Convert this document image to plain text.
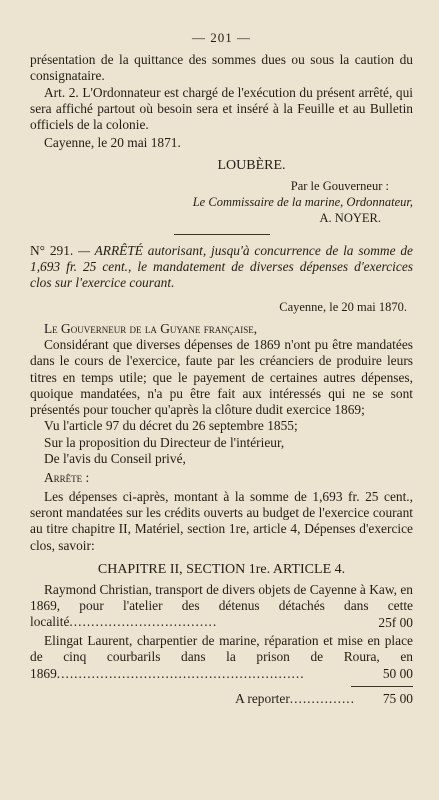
— 201 —

présentation de la quittance des sommes dues ou sous la caution du consignataire.

Art. 2. L'Ordonnateur est chargé de l'exécution du présent arrêté, qui sera affiché partout où besoin sera et inséré à la Feuille et au Bulletin officiels de la colonie.

Cayenne, le 20 mai 1871.

LOUBÈRE.
Par le Gouverneur :
Le Commissaire de la marine, Ordonnateur,
A. NOYER.

N° 291. — ARRÊTÉ autorisant, jusqu'à concurrence de la somme de 1,693 fr. 25 cent., le mandatement de diverses dépenses d'exercices clos sur l'exercice courant.

Cayenne, le 20 mai 1870.

Le Gouverneur de la Guyane française,

Considérant que diverses dépenses de 1869 n'ont pu être mandatées dans le cours de l'exercice, faute par les créanciers de produire leurs titres en temps utile; que le payement de certaines autres dépenses, quoique mandatées, n'a pu être fait aux intéressés qui ne se sont présentés pour toucher qu'après la clôture dudit exercice 1869;

Vu l'article 97 du décret du 26 septembre 1855;

Sur la proposition du Directeur de l'intérieur,

De l'avis du Conseil privé,

Arrête :

Les dépenses ci-après, montant à la somme de 1,693 fr. 25 cent., seront mandatées sur les crédits ouverts au budget de l'exercice courant au titre chapitre II, Matériel, section 1re, article 4, Dépenses d'exercice clos, savoir:

CHAPITRE II, SECTION 1re. ARTICLE 4.

Raymond Christian, transport de divers objets de Cayenne à Kaw, en 1869, pour l'atelier des détenus détachés dans cette localité..................................	25f 00

Elingat Laurent, charpentier de marine, réparation et mise en place de cinq courbarils dans la prison de Roura, en 1869.........................................................	50 00
A reporter ...............	75 00
